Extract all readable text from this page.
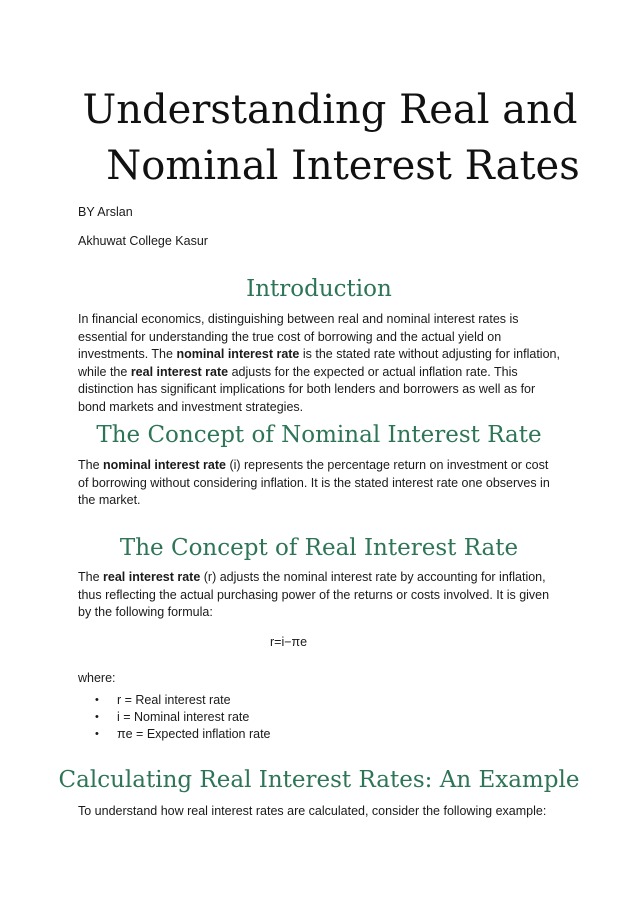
Understanding Real and
Nominal Interest Rates

BY Arslan

Akhuwat College Kasur

Introduction

In financial economics, distinguishing between real and nominal interest rates is essential for understanding the true cost of borrowing and the actual yield on investments. The nominal interest rate is the stated rate without adjusting for inflation, while the real interest rate adjusts for the expected or actual inflation rate. This distinction has significant implications for both lenders and borrowers as well as for bond markets and investment strategies.

The Concept of Nominal Interest Rate

The nominal interest rate (i) represents the percentage return on investment or cost of borrowing without considering inflation. It is the stated interest rate one observes in the market.

The Concept of Real Interest Rate

The real interest rate (r) adjusts the nominal interest rate by accounting for inflation, thus reflecting the actual purchasing power of the returns or costs involved. It is given by the following formula:

r=i−πe

where:

• r = Real interest rate
• i = Nominal interest rate
• πe = Expected inflation rate
Calculating Real Interest Rates: An Example

To understand how real interest rates are calculated, consider the following example:
